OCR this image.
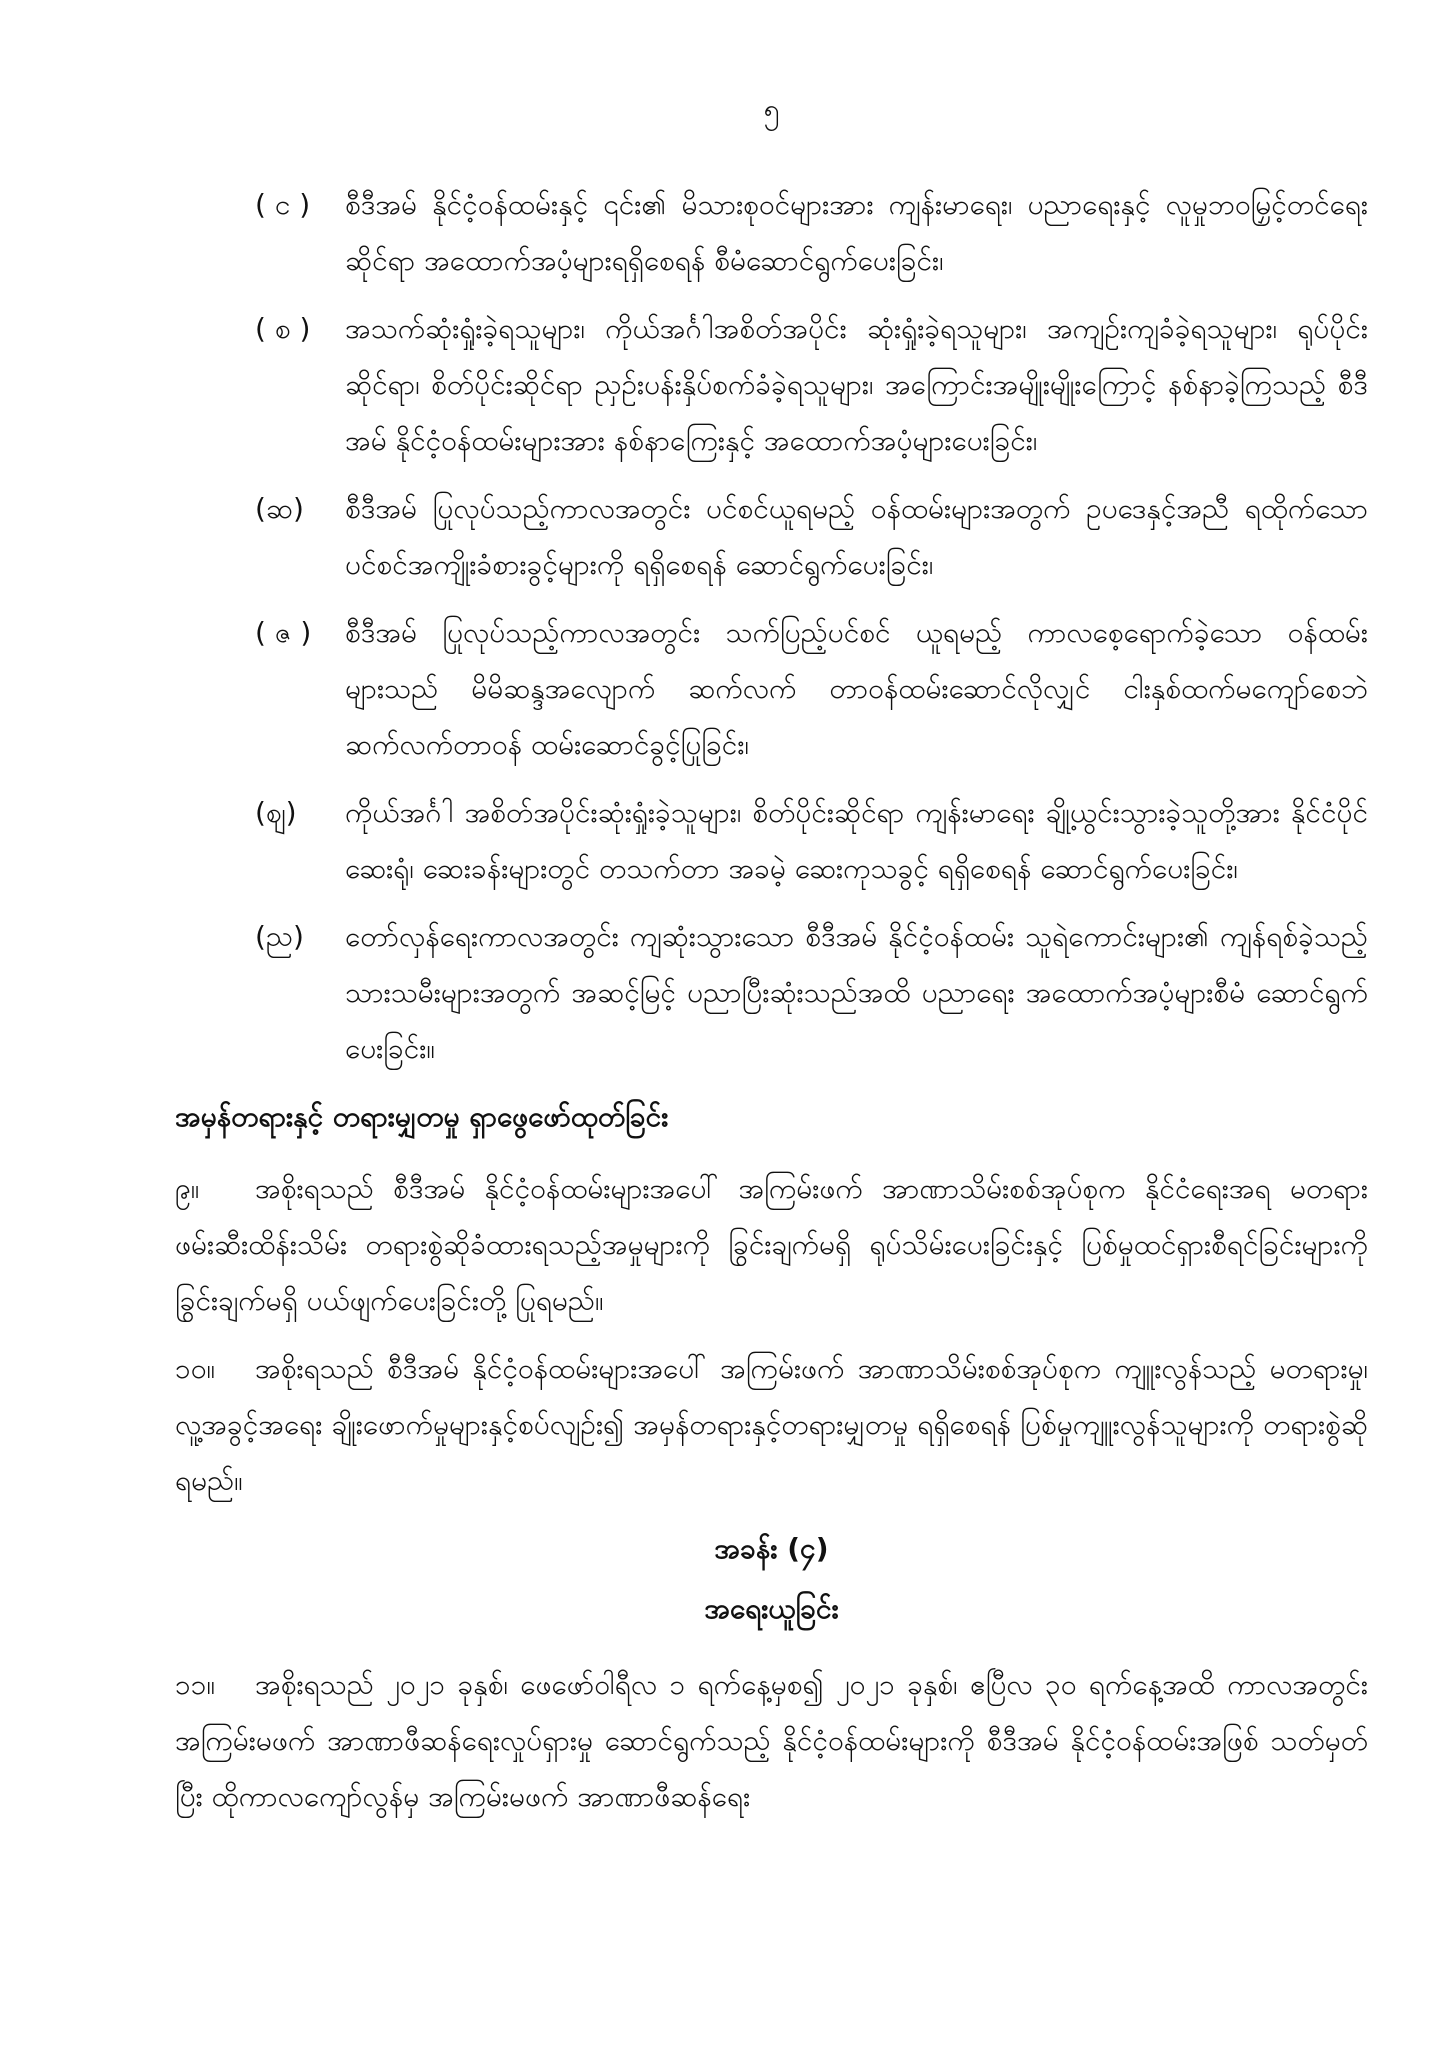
၅
( င )	စီဒီအမ် နိုင်ငံ့ဝန်ထမ်းနှင့် ၎င်း၏ မိသားစုဝင်များအား ကျန်းမာရေး၊ ပညာရေးနှင့် လူမှုဘဝမြှင့်တင်ရေးဆိုင်ရာ အထောက်အပံ့များရရှိစေရန် စီမံဆောင်ရွက်ပေးခြင်း၊
( စ )	အသက်ဆုံးရှုံးခဲ့ရသူများ၊ ကိုယ်အင်္ဂါအစိတ်အပိုင်း ဆုံးရှုံးခဲ့ရသူများ၊ အကျဉ်းကျခံခဲ့ရသူများ၊ ရုပ်ပိုင်းဆိုင်ရာ၊ စိတ်ပိုင်းဆိုင်ရာ ညှဉ်းပန်းနှိပ်စက်ခံခဲ့ရသူများ၊ အကြောင်းအမျိုးမျိုးကြောင့် နစ်နာခဲ့ကြသည့် စီဒီအမ် နိုင်ငံ့ဝန်ထမ်းများအား နစ်နာကြေးနှင့် အထောက်အပံ့များပေးခြင်း၊
(ဆ)	စီဒီအမ် ပြုလုပ်သည့်ကာလအတွင်း ပင်စင်ယူရမည့် ဝန်ထမ်းများအတွက် ဥပဒေနှင့်အညီ ရထိုက်သော ပင်စင်အကျိုးခံစားခွင့်များကို ရရှိစေရန် ဆောင်ရွက်ပေးခြင်း၊
( ဇ )	စီဒီအမ် ပြုလုပ်သည့်ကာလအတွင်း သက်ပြည့်ပင်စင် ယူရမည့် ကာလစေ့ရောက်ခဲ့သော ဝန်ထမ်းများသည် မိမိဆန္ဒအလျောက် ဆက်လက် တာဝန်ထမ်းဆောင်လိုလျှင် ငါးနှစ်ထက်မကျော်စေဘဲ ဆက်လက်တာဝန် ထမ်းဆောင်ခွင့်ပြုခြင်း၊
(ဈ)	ကိုယ်အင်္ဂါ အစိတ်အပိုင်းဆုံးရှုံးခဲ့သူများ၊ စိတ်ပိုင်းဆိုင်ရာ ကျန်းမာရေး ချို့ယွင်းသွားခဲ့သူတို့အား နိုင်ငံပိုင်ဆေးရုံ၊ ဆေးခန်းများတွင် တသက်တာ အခမဲ့ ဆေးကုသခွင့် ရရှိစေရန် ဆောင်ရွက်ပေးခြင်း၊
(ည)	တော်လှန်ရေးကာလအတွင်း ကျဆုံးသွားသော စီဒီအမ် နိုင်ငံ့ဝန်ထမ်း သူရဲကောင်းများ၏ ကျန်ရစ်ခဲ့သည့် သားသမီးများအတွက် အဆင့်မြင့် ပညာပြီးဆုံးသည်အထိ ပညာရေး အထောက်အပံ့များစီမံ ဆောင်ရွက်ပေးခြင်း။
အမှန်တရားနှင့် တရားမျှတမှု ရှာဖွေဖော်ထုတ်ခြင်း

၉။ အစိုးရသည် စီဒီအမ် နိုင်ငံ့ဝန်ထမ်းများအပေါ် အကြမ်းဖက် အာဏာသိမ်းစစ်အုပ်စုက နိုင်ငံရေးအရ မတရားဖမ်းဆီးထိန်းသိမ်း တရားစွဲဆိုခံထားရသည့်အမှုများကို ခြွင်းချက်မရှိ ရုပ်သိမ်းပေးခြင်းနှင့် ပြစ်မှုထင်ရှားစီရင်ခြင်းများကို ခြွင်းချက်မရှိ ပယ်ဖျက်ပေးခြင်းတို့ ပြုရမည်။

၁၀။ အစိုးရသည် စီဒီအမ် နိုင်ငံ့ဝန်ထမ်းများအပေါ် အကြမ်းဖက် အာဏာသိမ်းစစ်အုပ်စုက ကျူးလွန်သည့် မတရားမှု၊ လူ့အခွင့်အရေး ချိုးဖောက်မှုများနှင့်စပ်လျဉ်း၍ အမှန်တရားနှင့်တရားမျှတမှု ရရှိစေရန် ပြစ်မှုကျူးလွန်သူများကို တရားစွဲဆိုရမည်။

အခန်း (၄)
အရေးယူခြင်း

၁၁။ အစိုးရသည် ၂၀၂၁ ခုနှစ်၊ ဖေဖော်ဝါရီလ ၁ ရက်နေ့မှစ၍ ၂၀၂၁ ခုနှစ်၊ ဧပြီလ ၃၀ ရက်နေ့အထိ ကာလအတွင်း အကြမ်းမဖက် အာဏာဖီဆန်ရေးလှုပ်ရှားမှု ဆောင်ရွက်သည့် နိုင်ငံ့ဝန်ထမ်းများကို စီဒီအမ် နိုင်ငံ့ဝန်ထမ်းအဖြစ် သတ်မှတ်ပြီး ထိုကာလကျော်လွန်မှ အကြမ်းမဖက် အာဏာဖီဆန်ရေး
